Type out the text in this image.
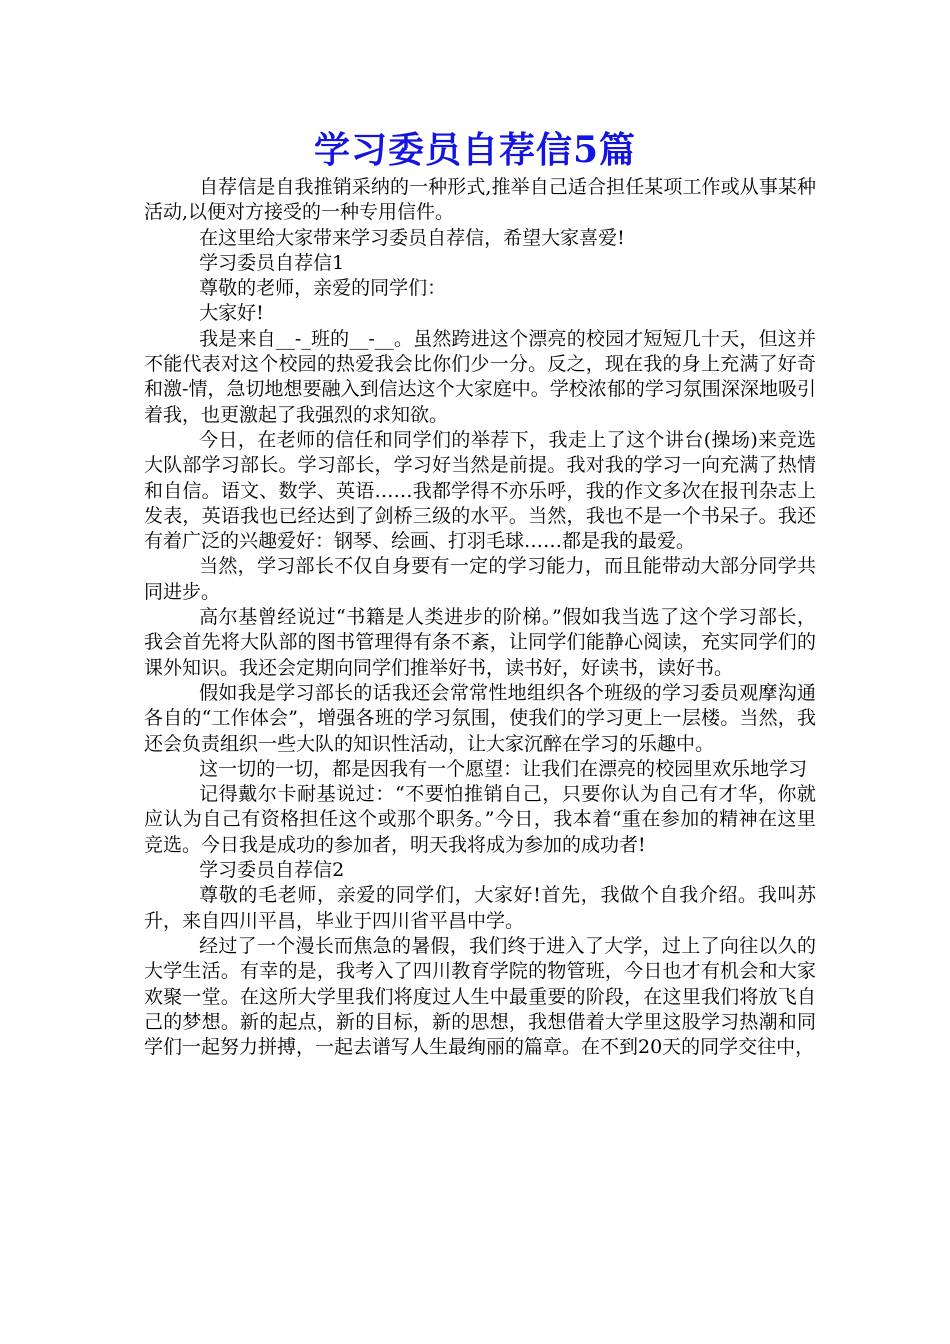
学习委员自荐信5篇

自荐信是自我推销采纳的一种形式,推举自己适合担任某项工作或从事某种活动,以便对方接受的一种专用信件。

在这里给大家带来学习委员自荐信，希望大家喜爱!

学习委员自荐信1

尊敬的老师，亲爱的同学们：

大家好!

我是来自__-_班的__-__。虽然跨进这个漂亮的校园才短短几十天，但这并不能代表对这个校园的热爱我会比你们少一分。反之，现在我的身上充满了好奇和激-情，急切地想要融入到信达这个大家庭中。学校浓郁的学习氛围深深地吸引着我，也更激起了我强烈的求知欲。

今日，在老师的信任和同学们的举荐下，我走上了这个讲台(操场)来竞选大队部学习部长。学习部长，学习好当然是前提。我对我的学习一向充满了热情和自信。语文、数学、英语……我都学得不亦乐呼，我的作文多次在报刊杂志上发表，英语我也已经达到了剑桥三级的水平。当然，我也不是一个书呆子。我还有着广泛的兴趣爱好：钢琴、绘画、打羽毛球……都是我的最爱。

当然，学习部长不仅自身要有一定的学习能力，而且能带动大部分同学共同进步。

高尔基曾经说过“书籍是人类进步的阶梯。”假如我当选了这个学习部长，我会首先将大队部的图书管理得有条不紊，让同学们能静心阅读，充实同学们的课外知识。我还会定期向同学们推举好书，读书好，好读书，读好书。

假如我是学习部长的话我还会常常性地组织各个班级的学习委员观摩沟通各自的“工作体会”，增强各班的学习氛围，使我们的学习更上一层楼。当然，我还会负责组织一些大队的知识性活动，让大家沉醉在学习的乐趣中。

这一切的一切，都是因我有一个愿望：让我们在漂亮的校园里欢乐地学习

记得戴尔卡耐基说过：“不要怕推销自己，只要你认为自己有才华，你就应认为自己有资格担任这个或那个职务。”今日，我本着“重在参加的精神在这里竞选。今日我是成功的参加者，明天我将成为参加的成功者!

学习委员自荐信2

尊敬的毛老师，亲爱的同学们，大家好!首先，我做个自我介绍。我叫苏升，来自四川平昌，毕业于四川省平昌中学。

经过了一个漫长而焦急的暑假，我们终于进入了大学，过上了向往以久的大学生活。有幸的是，我考入了四川教育学院的物管班，今日也才有机会和大家欢聚一堂。在这所大学里我们将度过人生中最重要的阶段，在这里我们将放飞自己的梦想。新的起点，新的目标，新的思想，我想借着大学里这股学习热潮和同学们一起努力拼搏，一起去谱写人生最绚丽的篇章。在不到20天的同学交往中，
